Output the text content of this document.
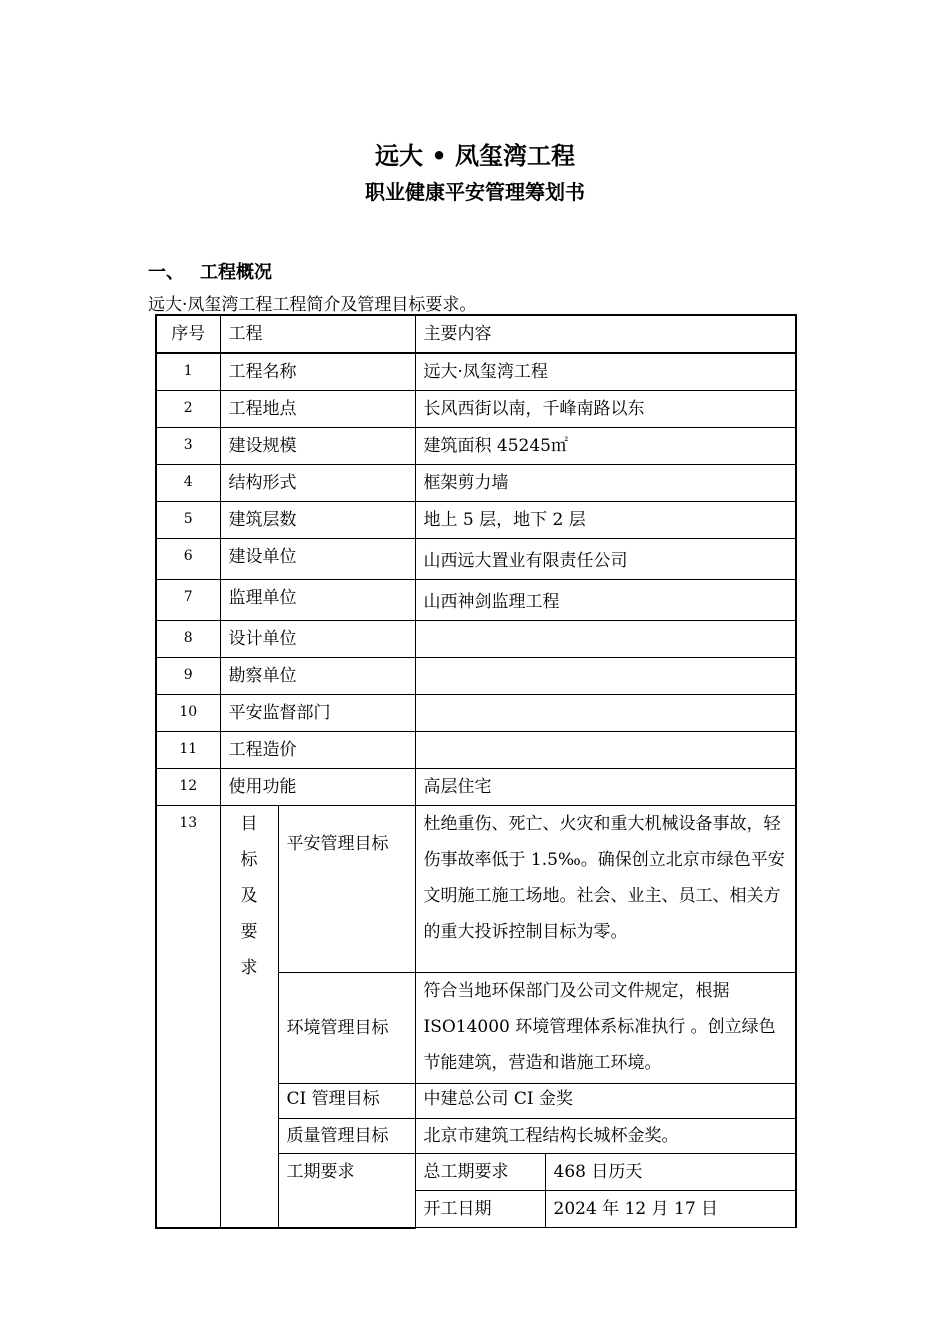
远大 • 凤玺湾工程
职业健康平安管理筹划书
一、 工程概况
远大·凤玺湾工程工程简介及管理目标要求。
序号	工程		主要内容	

1	工程名称		远大·凤玺湾工程	

2	工程地点		长风西街以南，千峰南路以东	

3	建设规模		建筑面积 45245㎡	

4	结构形式		框架剪力墙	

5	建筑层数		地上 5 层，地下 2 层	

6	建设单位		山西远大置业有限责任公司	

7	监理单位		山西神剑监理工程	

8	设计单位			

9	勘察单位			

10	平安监督部门			

11	工程造价			

12	使用功能		高层住宅	

13	目
标
及
要
求	平安管理目标	杜绝重伤、死亡、火灾和重大机械设备事故，轻伤事故率低于 1.5‰。确保创立北京市绿色平安文明施工施工场地。社会、业主、员工、相关方的重大投诉控制目标为零。	
		环境管理目标	符合当地环保部门及公司文件规定，根据 ISO14000 环境管理体系标准执行 。创立绿色节能建筑，营造和谐施工环境。	
		CI 管理目标	中建总公司 CI 金奖	
		质量管理目标	北京市建筑工程结构长城杯金奖。	
		工期要求	总工期要求	468 日历天
			开工日期	2024 年 12 月 17 日
